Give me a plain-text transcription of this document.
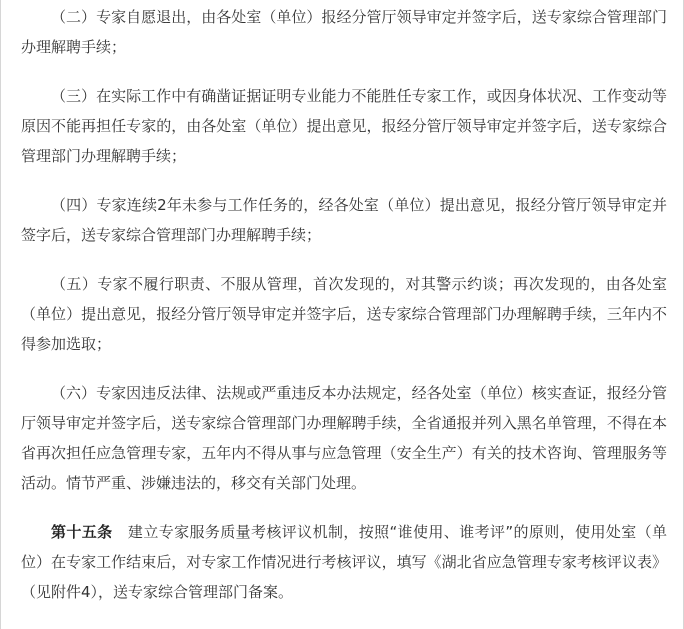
（二）专家自愿退出，由各处室（单位）报经分管厅领导审定并签字后，送专家综合管理部门办理解聘手续；

（三）在实际工作中有确凿证据证明专业能力不能胜任专家工作，或因身体状况、工作变动等原因不能再担任专家的，由各处室（单位）提出意见，报经分管厅领导审定并签字后，送专家综合管理部门办理解聘手续；

（四）专家连续2年未参与工作任务的，经各处室（单位）提出意见，报经分管厅领导审定并签字后，送专家综合管理部门办理解聘手续；

（五）专家不履行职责、不服从管理，首次发现的，对其警示约谈；再次发现的，由各处室（单位）提出意见，报经分管厅领导审定并签字后，送专家综合管理部门办理解聘手续，三年内不得参加选取；

（六）专家因违反法律、法规或严重违反本办法规定，经各处室（单位）核实查证，报经分管厅领导审定并签字后，送专家综合管理部门办理解聘手续，全省通报并列入黑名单管理，不得在本省再次担任应急管理专家，五年内不得从事与应急管理（安全生产）有关的技术咨询、管理服务等活动。情节严重、涉嫌违法的，移交有关部门处理。

第十五条  建立专家服务质量考核评议机制，按照“谁使用、谁考评”的原则，使用处室（单位）在专家工作结束后，对专家工作情况进行考核评议，填写《湖北省应急管理专家考核评议表》（见附件4），送专家综合管理部门备案。
